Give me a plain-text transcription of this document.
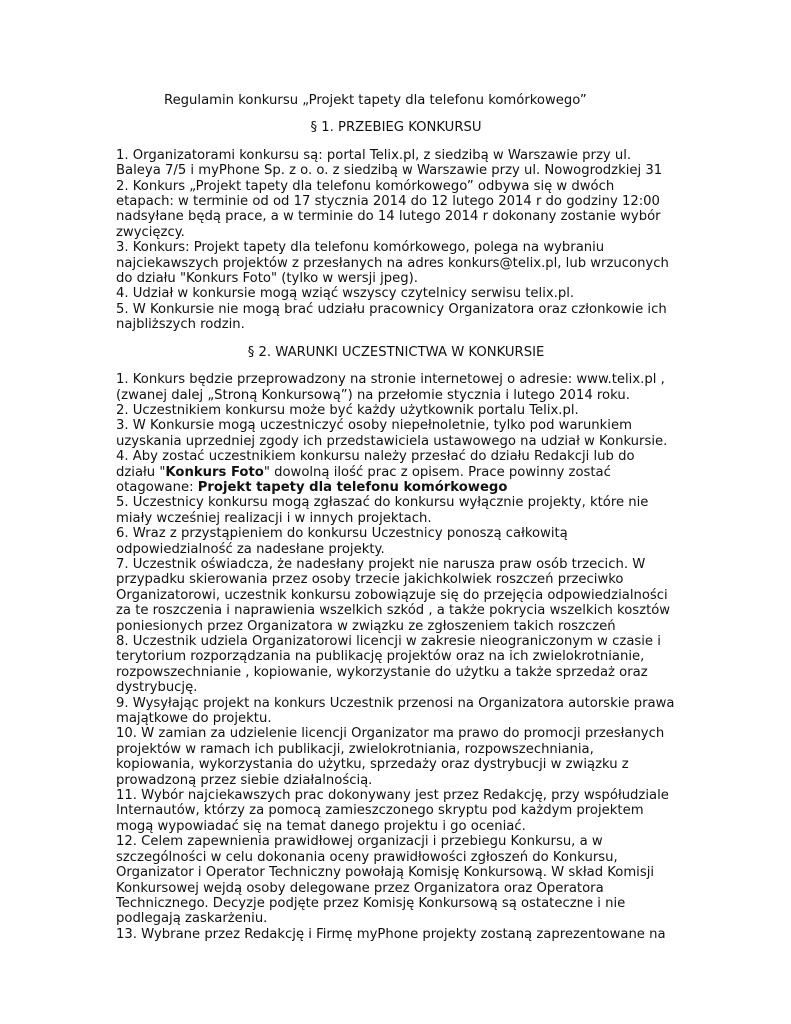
Regulamin konkursu „Projekt tapety dla telefonu komórkowego”

§ 1. PRZEBIEG KONKURSU

1. Organizatorami konkursu są: portal Telix.pl, z siedzibą w Warszawie przy ul. Baleya 7/5 i myPhone Sp. z o. o. z siedzibą w Warszawie przy ul. Nowogrodzkiej 31

2. Konkurs „Projekt tapety dla telefonu komórkowego” odbywa się w dwóch etapach: w terminie od od 17 stycznia 2014 do 12 lutego 2014 r do godziny 12:00 nadsyłane będą prace, a w terminie do 14 lutego 2014 r dokonany zostanie wybór zwycięzcy.

3. Konkurs: Projekt tapety dla telefonu komórkowego, polega na wybraniu najciekawszych projektów z przesłanych na adres konkurs@telix.pl, lub wrzuconych do działu "Konkurs Foto" (tylko w wersji jpeg).

4. Udział w konkursie mogą wziąć wszyscy czytelnicy serwisu telix.pl.

5. W Konkursie nie mogą brać udziału pracownicy Organizatora oraz członkowie ich najbliższych rodzin.

§ 2. WARUNKI UCZESTNICTWA W KONKURSIE

1. Konkurs będzie przeprowadzony na stronie internetowej o adresie: www.telix.pl , (zwanej dalej „Stroną Konkursową”) na przełomie stycznia i lutego 2014 roku.

2. Uczestnikiem konkursu może być każdy użytkownik portalu Telix.pl.

3. W Konkursie mogą uczestniczyć osoby niepełnoletnie, tylko pod warunkiem uzyskania uprzedniej zgody ich przedstawiciela ustawowego na udział w Konkursie.

4. Aby zostać uczestnikiem konkursu należy przesłać do działu Redakcji lub do działu "Konkurs Foto" dowolną ilość prac z opisem. Prace powinny zostać otagowane: Projekt tapety dla telefonu komórkowego

5. Uczestnicy konkursu mogą zgłaszać do konkursu wyłącznie projekty, które nie miały wcześniej realizacji i w innych projektach.

6. Wraz z przystąpieniem do konkursu Uczestnicy ponoszą całkowitą odpowiedzialność za nadesłane projekty.

7. Uczestnik oświadcza, że nadesłany projekt nie narusza praw osób trzecich. W przypadku skierowania przez osoby trzecie jakichkolwiek roszczeń przeciwko Organizatorowi, uczestnik konkursu zobowiązuje się do przejęcia odpowiedzialności za te roszczenia i naprawienia wszelkich szkód , a także pokrycia wszelkich kosztów poniesionych przez Organizatora w związku ze zgłoszeniem takich roszczeń

8. Uczestnik udziela Organizatorowi licencji w zakresie nieograniczonym w czasie i terytorium rozporządzania na publikację projektów oraz na ich zwielokrotnianie, rozpowszechnianie , kopiowanie, wykorzystanie do użytku a także sprzedaż oraz dystrybucję.

9. Wysyłając projekt na konkurs Uczestnik przenosi na Organizatora autorskie prawa majątkowe do projektu.

10. W zamian za udzielenie licencji Organizator ma prawo do promocji przesłanych projektów w ramach ich publikacji, zwielokrotniania, rozpowszechniania, kopiowania, wykorzystania do użytku, sprzedaży oraz dystrybucji w związku z prowadzoną przez siebie działalnością.

11. Wybór najciekawszych prac dokonywany jest przez Redakcję, przy współudziale Internautów, którzy za pomocą zamieszczonego skryptu pod każdym projektem mogą wypowiadać się na temat danego projektu i go oceniać.

12. Celem zapewnienia prawidłowej organizacji i przebiegu Konkursu, a w szczególności w celu dokonania oceny prawidłowości zgłoszeń do Konkursu, Organizator i Operator Techniczny powołają Komisję Konkursową. W skład Komisji Konkursowej wejdą osoby delegowane przez Organizatora oraz Operatora Technicznego. Decyzje podjęte przez Komisję Konkursową są ostateczne i nie podlegają zaskarżeniu.

13. Wybrane przez Redakcję i Firmę myPhone projekty zostaną zaprezentowane na
